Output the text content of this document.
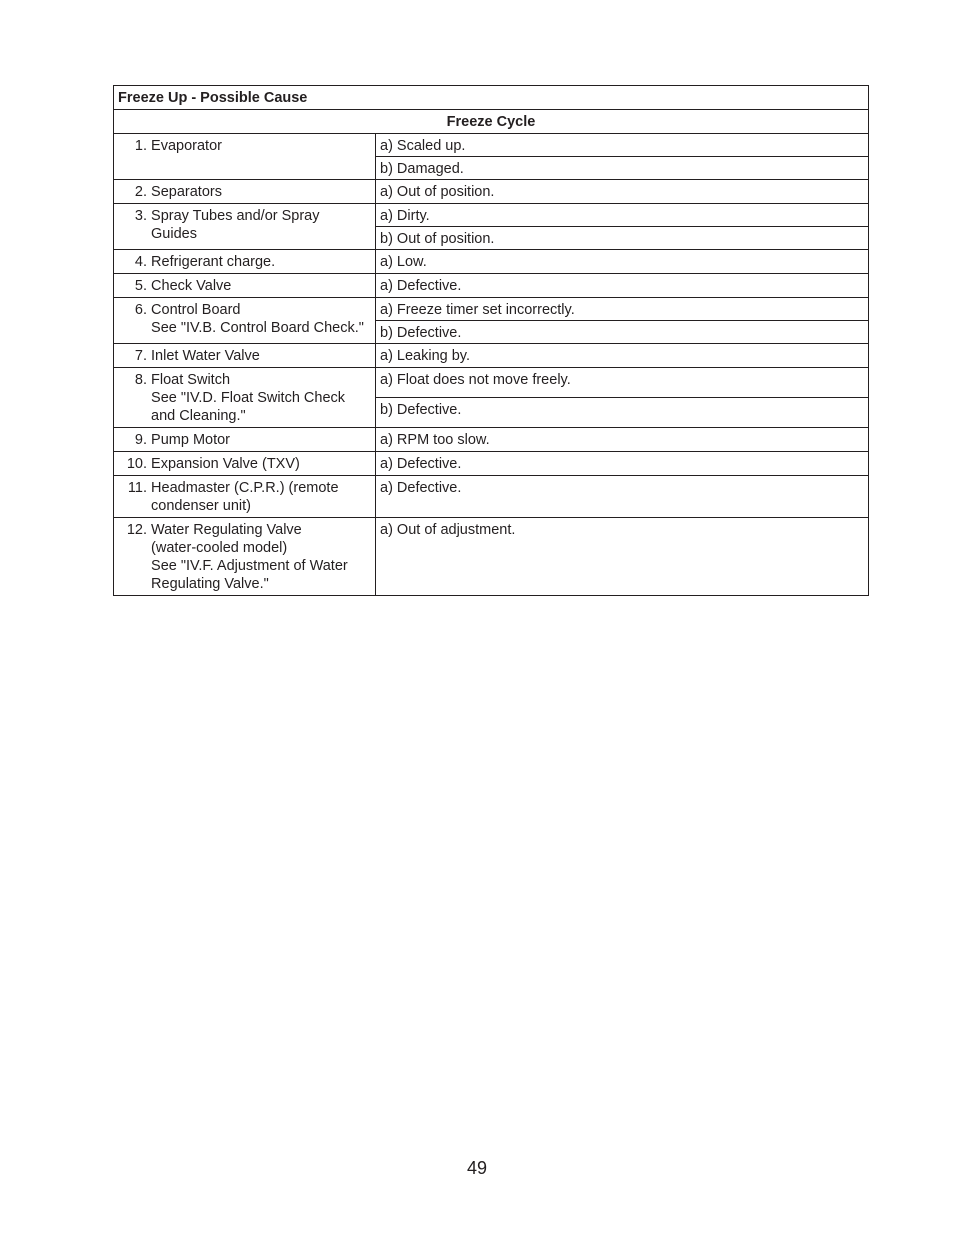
Freeze Up - Possible Cause	
Freeze Cycle	

1.
Evaporator	a) Scaled up.
	b) Damaged.

2.
Separators	a) Out of position.

3.
Spray Tubes and/or Spray
Guides	a) Dirty.
	b) Out of position.

4.
Refrigerant charge.	a) Low.

5.
Check Valve	a) Defective.

6.
Control Board
See "IV.B. Control Board Check."	a) Freeze timer set incorrectly.
	b) Defective.

7.
Inlet Water Valve	a) Leaking by.

8.
Float Switch
See "IV.D. Float Switch Check
and Cleaning."	a) Float does not move freely.
	b) Defective.

9.
Pump Motor	a) RPM too slow.

10.
Expansion Valve (TXV)	a) Defective.

11.
Headmaster (C.P.R.) (remote
condenser unit)	a) Defective.

12.
Water Regulating Valve
(water-cooled model)
See "IV.F. Adjustment of Water
Regulating Valve."	a) Out of adjustment.
49
